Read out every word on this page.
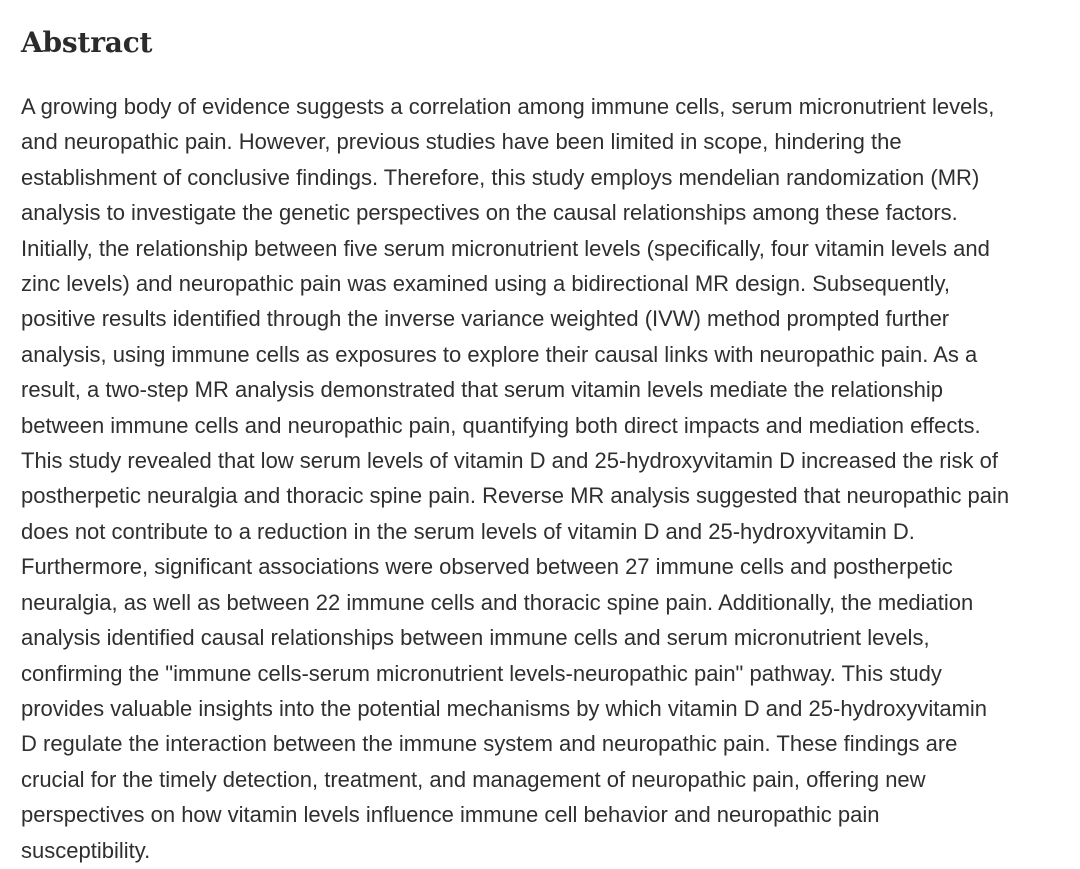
Abstract

A growing body of evidence suggests a correlation among immune cells, serum micronutrient levels,
and neuropathic pain. However, previous studies have been limited in scope, hindering the
establishment of conclusive findings. Therefore, this study employs mendelian randomization (MR)
analysis to investigate the genetic perspectives on the causal relationships among these factors.
Initially, the relationship between five serum micronutrient levels (specifically, four vitamin levels and
zinc levels) and neuropathic pain was examined using a bidirectional MR design. Subsequently,
positive results identified through the inverse variance weighted (IVW) method prompted further
analysis, using immune cells as exposures to explore their causal links with neuropathic pain. As a
result, a two-step MR analysis demonstrated that serum vitamin levels mediate the relationship
between immune cells and neuropathic pain, quantifying both direct impacts and mediation effects.
This study revealed that low serum levels of vitamin D and 25-hydroxyvitamin D increased the risk of
postherpetic neuralgia and thoracic spine pain. Reverse MR analysis suggested that neuropathic pain
does not contribute to a reduction in the serum levels of vitamin D and 25-hydroxyvitamin D.
Furthermore, significant associations were observed between 27 immune cells and postherpetic
neuralgia, as well as between 22 immune cells and thoracic spine pain. Additionally, the mediation
analysis identified causal relationships between immune cells and serum micronutrient levels,
confirming the "immune cells-serum micronutrient levels-neuropathic pain" pathway. This study
provides valuable insights into the potential mechanisms by which vitamin D and 25-hydroxyvitamin
D regulate the interaction between the immune system and neuropathic pain. These findings are
crucial for the timely detection, treatment, and management of neuropathic pain, offering new
perspectives on how vitamin levels influence immune cell behavior and neuropathic pain
susceptibility.
